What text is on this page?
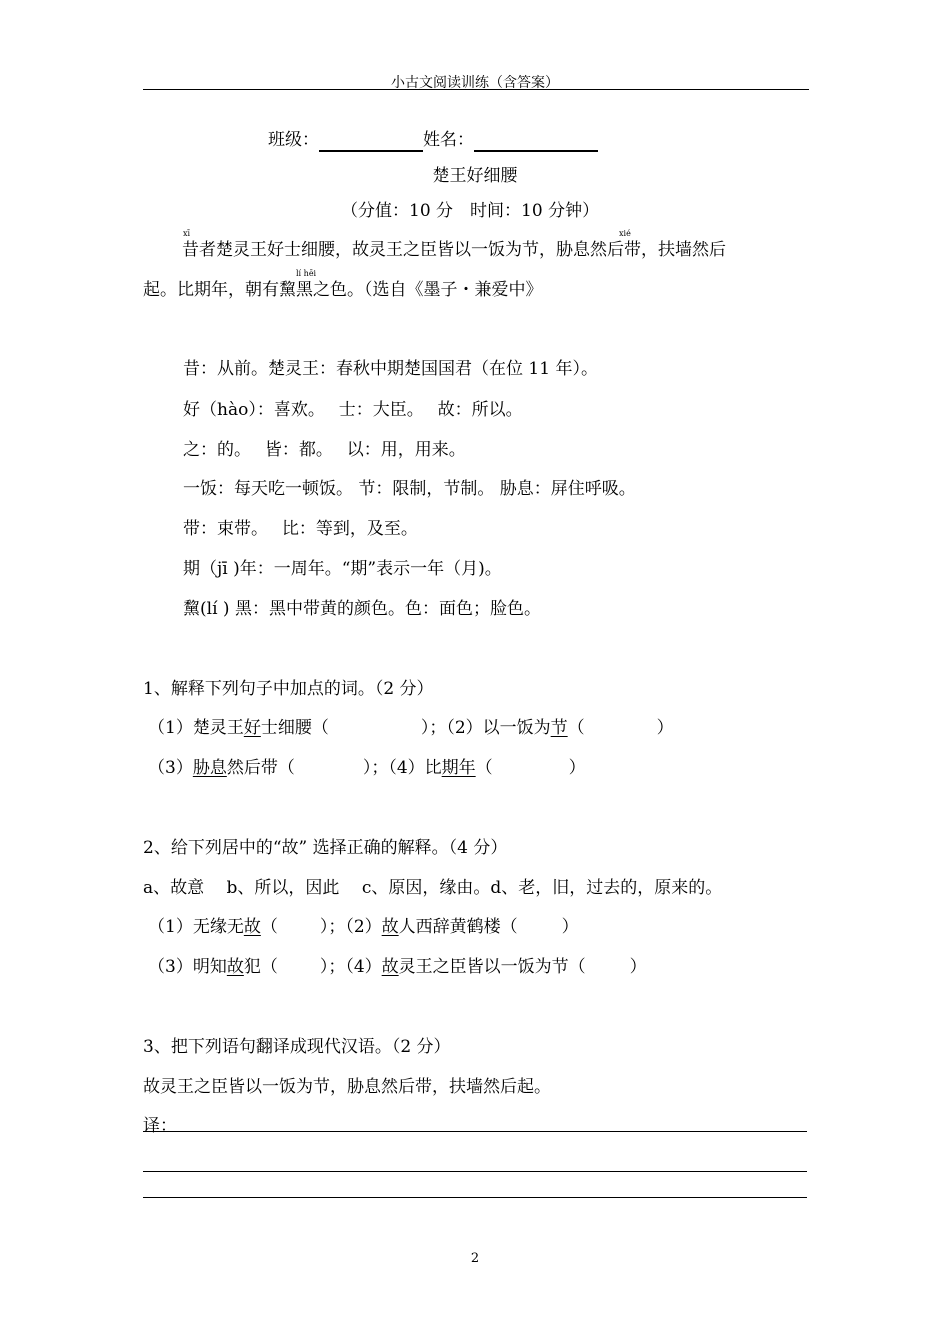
小古文阅读训练（含答案）
班级：	姓名：
楚王好细腰
（分值：10 分　时间：10 分钟）
xī	xié
lí hēi
昔者楚灵王好士细腰，故灵王之臣皆以一饭为节，胁息然后带，扶墙然后
起。比期年，朝有黧黑之色。（选自《墨子・兼爱中》
昔：从前。楚灵王：春秋中期楚国国君（在位 11 年）。
好（hào）：喜欢。　 士：大臣。　 故：所以。
之：的。　 皆：都。　 以：用，用来。
一饭：每天吃一顿饭。 节：限制，节制。 胁息：屏住呼吸。
带：束带。　 比：等到，及至。
期（jī )年：一周年。“期”表示一年（月)。
黧(lí ) 黑：黑中带黄的颜色。色：面色；脸色。
1、解释下列句子中加点的词。（2 分）
（1）楚灵王好士细腰（	）；（2）以一饭为节（	）
（3）胁息然后带（	）；（4）比期年（	）
2、给下列居中的“故” 选择正确的解释。（4 分）
a、故意　 b、所以，因此　 c、原因，缘由。d、老，旧，过去的，原来的。
（1）无缘无故（ ）；（2）故人西辞黄鹤楼（	）
（3）明知故犯（ ）；（4）故灵王之臣皆以一饭为节（	）
3、把下列语句翻译成现代汉语。（2 分）
故灵王之臣皆以一饭为节，胁息然后带，扶墙然后起。
译：
2
